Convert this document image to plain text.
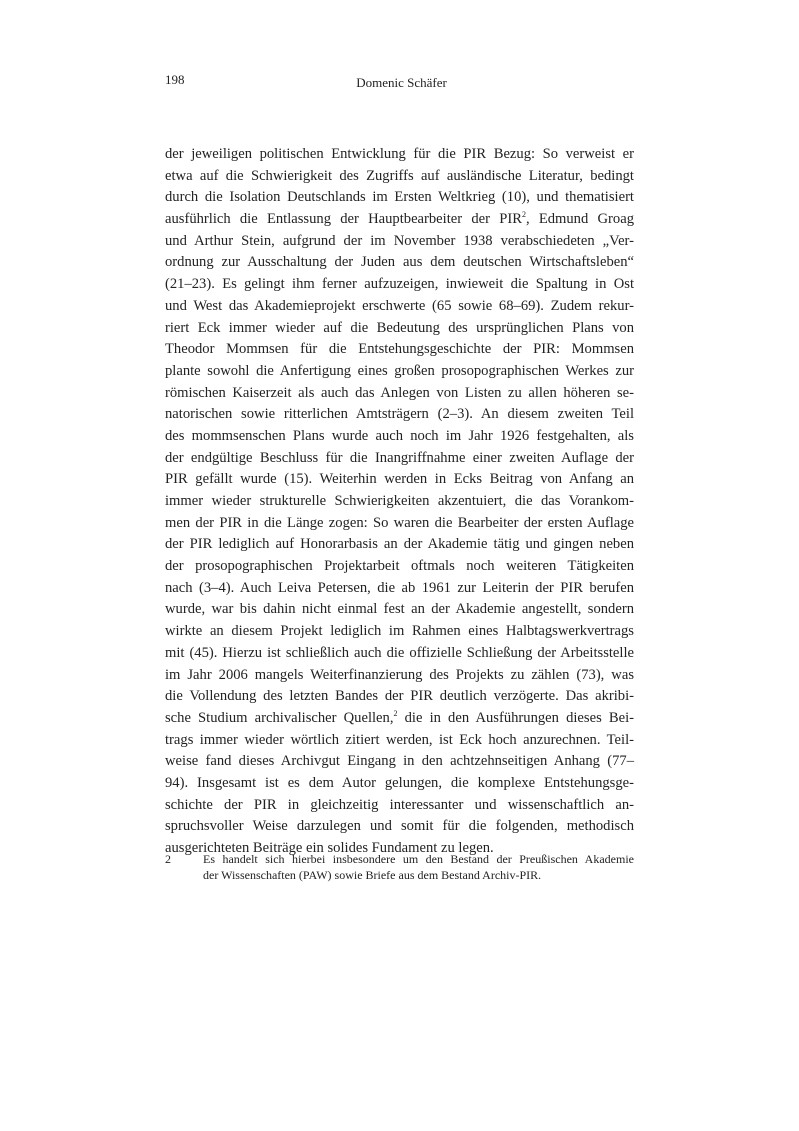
198	Domenic Schäfer
der jeweiligen politischen Entwicklung für die PIR Bezug: So verweist er
etwa auf die Schwierigkeit des Zugriffs auf ausländische Literatur, bedingt
durch die Isolation Deutschlands im Ersten Weltkrieg (10), und thematisiert
ausführlich die Entlassung der Hauptbearbeiter der PIR$^2$, Edmund Groag
und Arthur Stein, aufgrund der im November 1938 verabschiedeten „Ver-
ordnung zur Ausschaltung der Juden aus dem deutschen Wirtschaftsleben“
(21–23). Es gelingt ihm ferner aufzuzeigen, inwieweit die Spaltung in Ost
und West das Akademieprojekt erschwerte (65 sowie 68–69). Zudem rekur-
riert Eck immer wieder auf die Bedeutung des ursprünglichen Plans von
Theodor Mommsen für die Entstehungsgeschichte der PIR: Mommsen
plante sowohl die Anfertigung eines großen prosopographischen Werkes zur
römischen Kaiserzeit als auch das Anlegen von Listen zu allen höheren se-
natorischen sowie ritterlichen Amtsträgern (2–3). An diesem zweiten Teil
des mommsenschen Plans wurde auch noch im Jahr 1926 festgehalten, als
der endgültige Beschluss für die Inangriffnahme einer zweiten Auflage der
PIR gefällt wurde (15). Weiterhin werden in Ecks Beitrag von Anfang an
immer wieder strukturelle Schwierigkeiten akzentuiert, die das Vorankom-
men der PIR in die Länge zogen: So waren die Bearbeiter der ersten Auflage
der PIR lediglich auf Honorarbasis an der Akademie tätig und gingen neben
der prosopographischen Projektarbeit oftmals noch weiteren Tätigkeiten
nach (3–4). Auch Leiva Petersen, die ab 1961 zur Leiterin der PIR berufen
wurde, war bis dahin nicht einmal fest an der Akademie angestellt, sondern
wirkte an diesem Projekt lediglich im Rahmen eines Halbtagswerkvertrags
mit (45). Hierzu ist schließlich auch die offizielle Schließung der Arbeitsstelle
im Jahr 2006 mangels Weiterfinanzierung des Projekts zu zählen (73), was
die Vollendung des letzten Bandes der PIR deutlich verzögerte. Das akribi-
sche Studium archivalischer Quellen,$^2$ die in den Ausführungen dieses Bei-
trags immer wieder wörtlich zitiert werden, ist Eck hoch anzurechnen. Teil-
weise fand dieses Archivgut Eingang in den achtzehnseitigen Anhang (77–
94). Insgesamt ist es dem Autor gelungen, die komplexe Entstehungsge-
schichte der PIR in gleichzeitig interessanter und wissenschaftlich an-
spruchsvoller Weise darzulegen und somit für die folgenden, methodisch
ausgerichteten Beiträge ein solides Fundament zu legen.
2	Es handelt sich hierbei insbesondere um den Bestand der Preußischen Akademie
der Wissenschaften (PAW) sowie Briefe aus dem Bestand Archiv-PIR.
